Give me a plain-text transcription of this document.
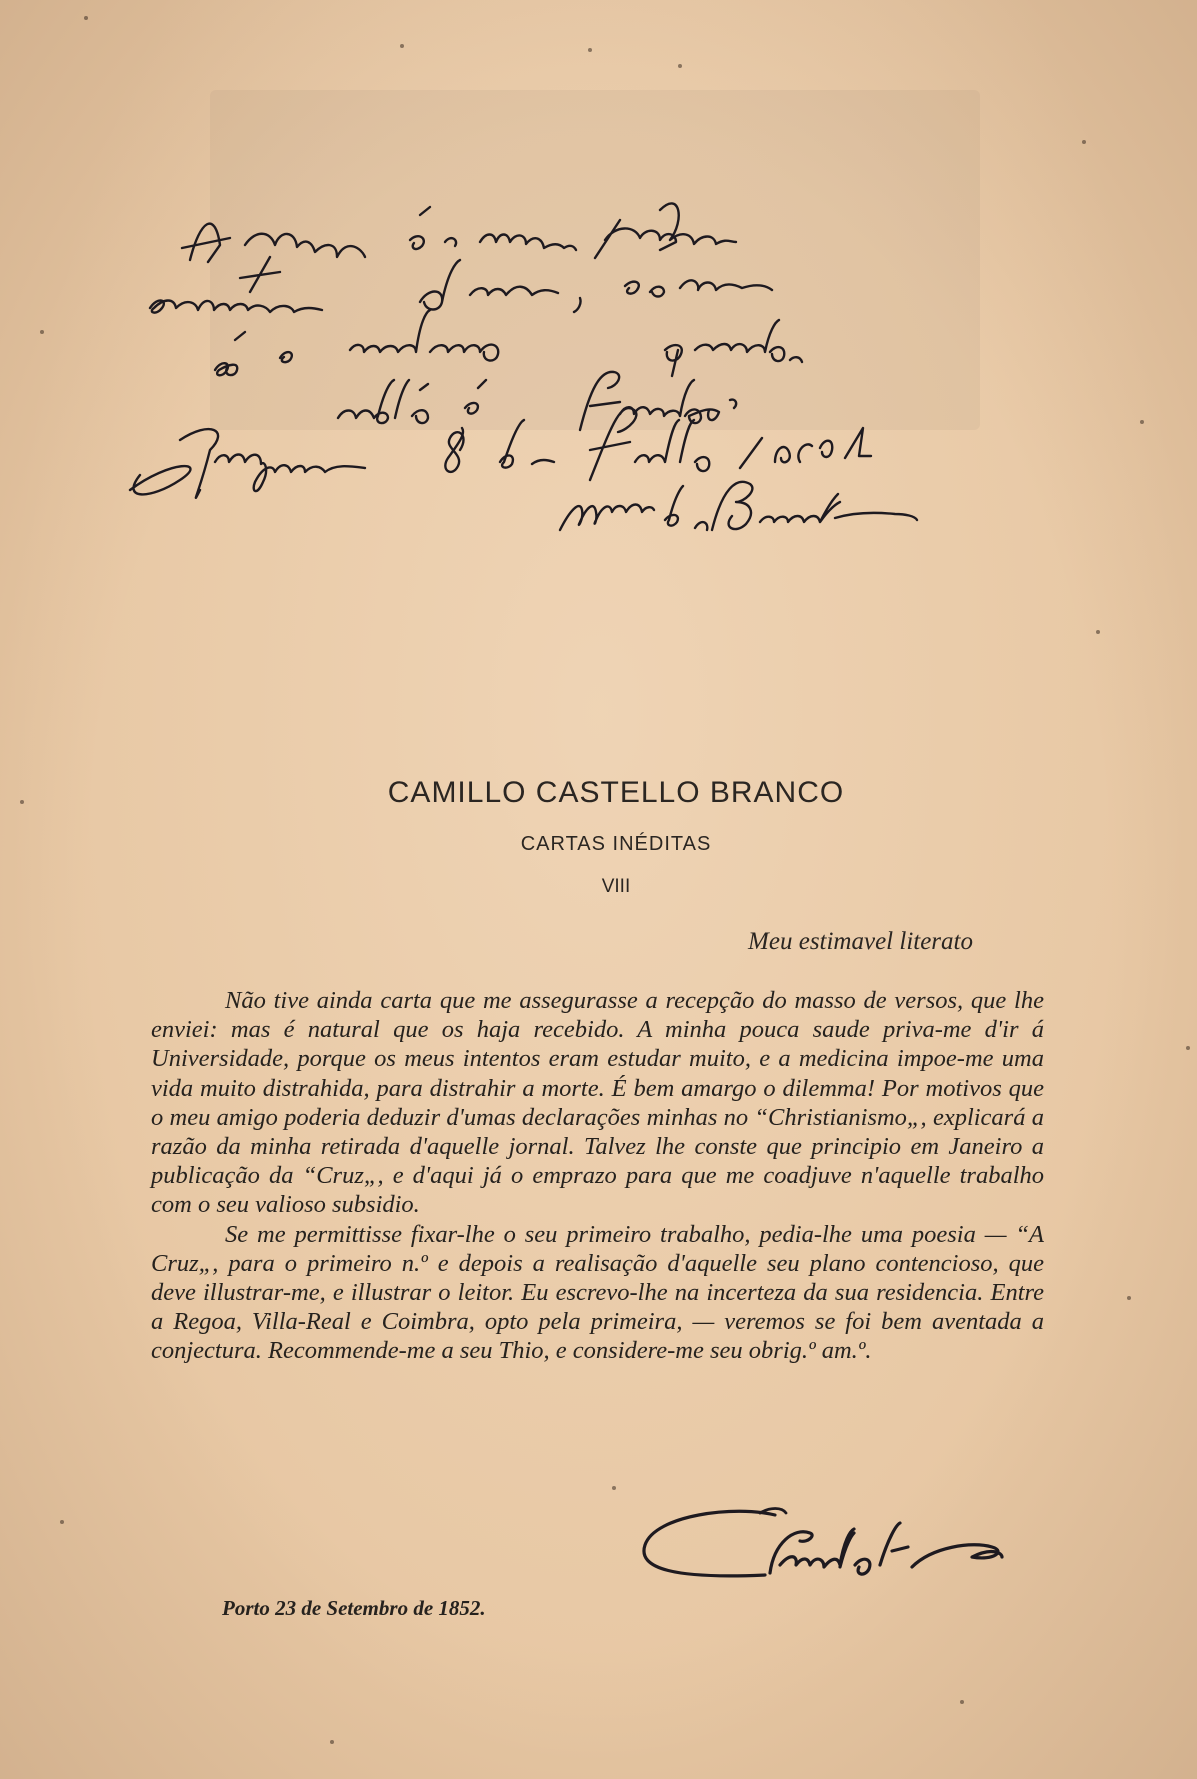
CAMILLO CASTELLO BRANCO
CARTAS INÉDITAS
VIII
Meu estimavel literato

Não tive ainda carta que me assegurasse a recepção do masso de versos, que lhe enviei: mas é natural que os haja recebido. A minha pouca saude priva-me d'ir á Universidade, porque os meus intentos eram estudar muito, e a medicina impoe-me uma vida muito distrahida, para distrahir a morte. É bem amargo o dilemma! Por motivos que o meu amigo poderia deduzir d'umas declarações minhas no “Christianismo„, explicará a razão da minha retirada d'aquelle jornal. Talvez lhe conste que principio em Janeiro a publicação da “Cruz„, e d'aqui já o emprazo para que me coadjuve n'aquelle trabalho com o seu valioso subsidio.

Se me permittisse fixar-lhe o seu primeiro trabalho, pedia-lhe uma poesia — “A Cruz„, para o primeiro n.º e depois a realisação d'aquelle seu plano contencioso, que deve illustrar-me, e illustrar o leitor. Eu escrevo-lhe na incerteza da sua residencia. Entre a Regoa, Villa-Real e Coimbra, opto pela primeira, — veremos se foi bem aventada a conjectura. Recommende-me a seu Thio, e considere-me seu obrig.º am.º.

Porto 23 de Setembro de 1852.
